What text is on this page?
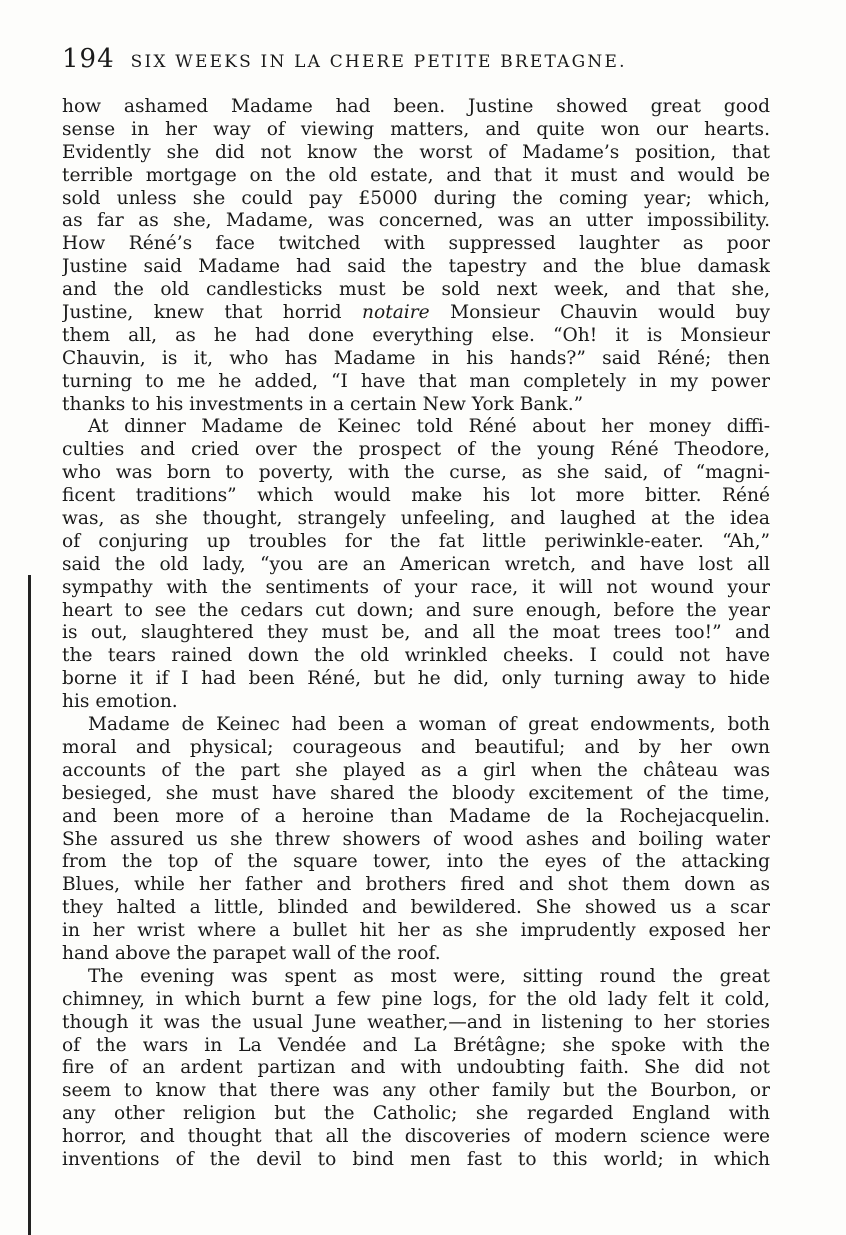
194 SIX WEEKS IN LA CHERE PETITE BRETAGNE.
how ashamed Madame had been. Justine showed great good
sense in her way of viewing matters, and quite won our hearts.
Evidently she did not know the worst of Madame’s position, that
terrible mortgage on the old estate, and that it must and would be
sold unless she could pay £5000 during the coming year; which,
as far as she, Madame, was concerned, was an utter impossibility.
How Réné’s face twitched with suppressed laughter as poor
Justine said Madame had said the tapestry and the blue damask
and the old candlesticks must be sold next week, and that she,
Justine, knew that horrid notaire Monsieur Chauvin would buy
them all, as he had done everything else. “Oh! it is Monsieur
Chauvin, is it, who has Madame in his hands?” said Réné; then
turning to me he added, “I have that man completely in my power
thanks to his investments in a certain New York Bank.”
At dinner Madame de Keinec told Réné about her money diffi-
culties and cried over the prospect of the young Réné Theodore,
who was born to poverty, with the curse, as she said, of “magni-
ficent traditions” which would make his lot more bitter. Réné
was, as she thought, strangely unfeeling, and laughed at the idea
of conjuring up troubles for the fat little periwinkle-eater. “Ah,”
said the old lady, “you are an American wretch, and have lost all
sympathy with the sentiments of your race, it will not wound your
heart to see the cedars cut down; and sure enough, before the year
is out, slaughtered they must be, and all the moat trees too!” and
the tears rained down the old wrinkled cheeks. I could not have
borne it if I had been Réné, but he did, only turning away to hide
his emotion.
Madame de Keinec had been a woman of great endowments, both
moral and physical; courageous and beautiful; and by her own
accounts of the part she played as a girl when the château was
besieged, she must have shared the bloody excitement of the time,
and been more of a heroine than Madame de la Rochejacquelin.
She assured us she threw showers of wood ashes and boiling water
from the top of the square tower, into the eyes of the attacking
Blues, while her father and brothers fired and shot them down as
they halted a little, blinded and bewildered. She showed us a scar
in her wrist where a bullet hit her as she imprudently exposed her
hand above the parapet wall of the roof.
The evening was spent as most were, sitting round the great
chimney, in which burnt a few pine logs, for the old lady felt it cold,
though it was the usual June weather,—and in listening to her stories
of the wars in La Vendée and La Brétâgne; she spoke with the
fire of an ardent partizan and with undoubting faith. She did not
seem to know that there was any other family but the Bourbon, or
any other religion but the Catholic; she regarded England with
horror, and thought that all the discoveries of modern science were
inventions of the devil to bind men fast to this world; in which
